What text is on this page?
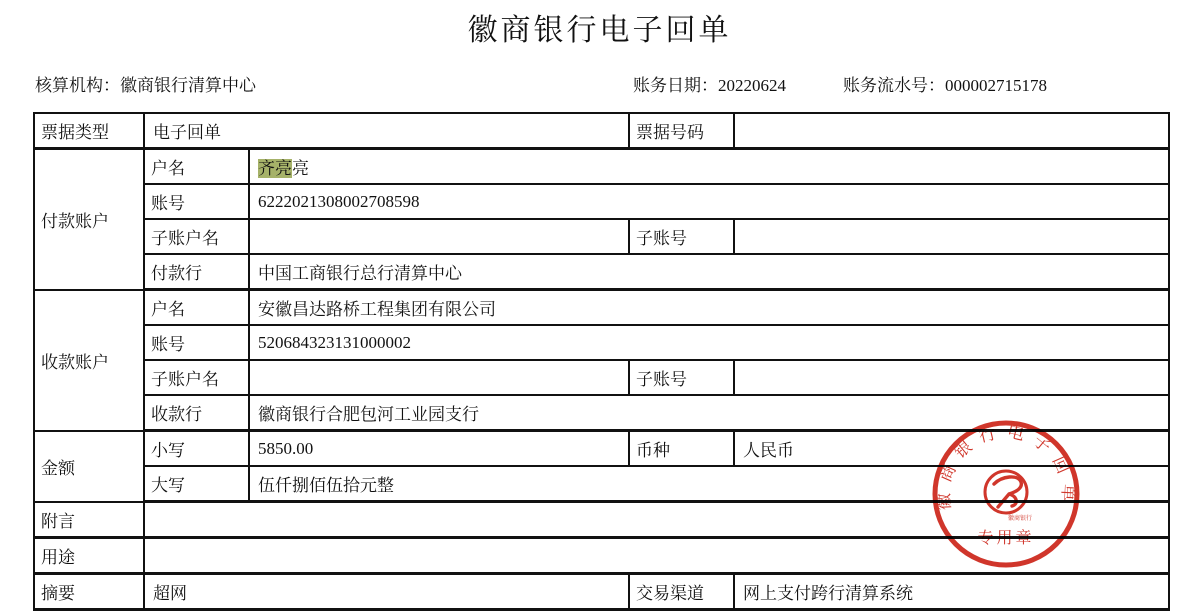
徽商银行电子回单
核算机构：徽商银行清算中心	账务日期：20220624	账务流水号：000002715178
票据类型	电子回单		票据号码	
付款账户	户名	齐亮亮		
	账号	6222021308002708598		
	子账户名		子账号	
	付款行	中国工商银行总行清算中心		
收款账户	户名	安徽昌达路桥工程集团有限公司		
	账号	520684323131000002		
	子账户名		子账号	
	收款行	徽商银行合肥包河工业园支行		
金额	小写	5850.00	币种	人民币
	大写	伍仟捌佰伍拾元整		
附言				
用途				
摘要	超网		交易渠道	网上支付跨行清算系统
徽商银行电子回单
徽商银行
专用章
